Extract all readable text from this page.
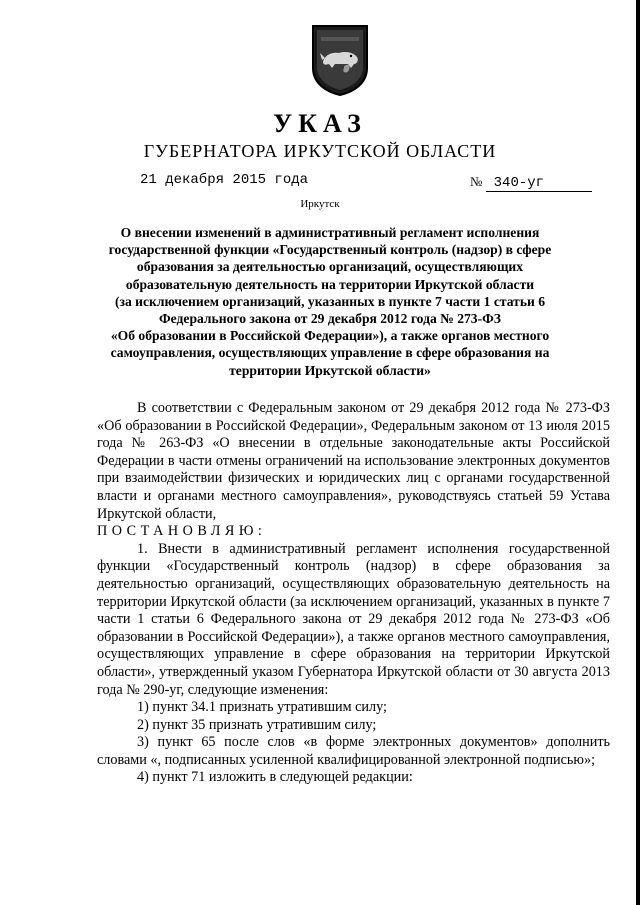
УКАЗ
ГУБЕРНАТОРА ИРКУТСКОЙ ОБЛАСТИ
21 декабря 2015 года	№ 340-уг
Иркутск
О внесении изменений в административный регламент исполнения
государственной функции «Государственный контроль (надзор) в сфере
образования за деятельностью организаций, осуществляющих
образовательную деятельность на территории Иркутской области
(за исключением организаций, указанных в пункте 7 части 1 статьи 6
Федерального закона от 29 декабря 2012 года № 273-ФЗ
«Об образовании в Российской Федерации»), а также органов местного
самоуправления, осуществляющих управление в сфере образования на
территории Иркутской области»

В соответствии с Федеральным законом от 29 декабря 2012 года № 273-ФЗ «Об образовании в Российской Федерации», Федеральным законом от 13 июля 2015 года № 263-ФЗ «О внесении в отдельные законодательные акты Российской Федерации в части отмены ограничений на использование электронных документов при взаимодействии физических и юридических лиц с органами государственной власти и органами местного самоуправления», руководствуясь статьей 59 Устава Иркутской области,

ПОСТАНОВЛЯЮ:

1. Внести в административный регламент исполнения государственной функции «Государственный контроль (надзор) в сфере образования за деятельностью организаций, осуществляющих образовательную деятельность на территории Иркутской области (за исключением организаций, указанных в пункте 7 части 1 статьи 6 Федерального закона от 29 декабря 2012 года № 273-ФЗ «Об образовании в Российской Федерации»), а также органов местного самоуправления, осуществляющих управление в сфере образования на территории Иркутской области», утвержденный указом Губернатора Иркутской области от 30 августа 2013 года № 290-уг, следующие изменения:

1) пункт 34.1 признать утратившим силу;

2) пункт 35 признать утратившим силу;

3) пункт 65 после слов «в форме электронных документов» дополнить словами «, подписанных усиленной квалифицированной электронной подписью»;

4) пункт 71 изложить в следующей редакции:
